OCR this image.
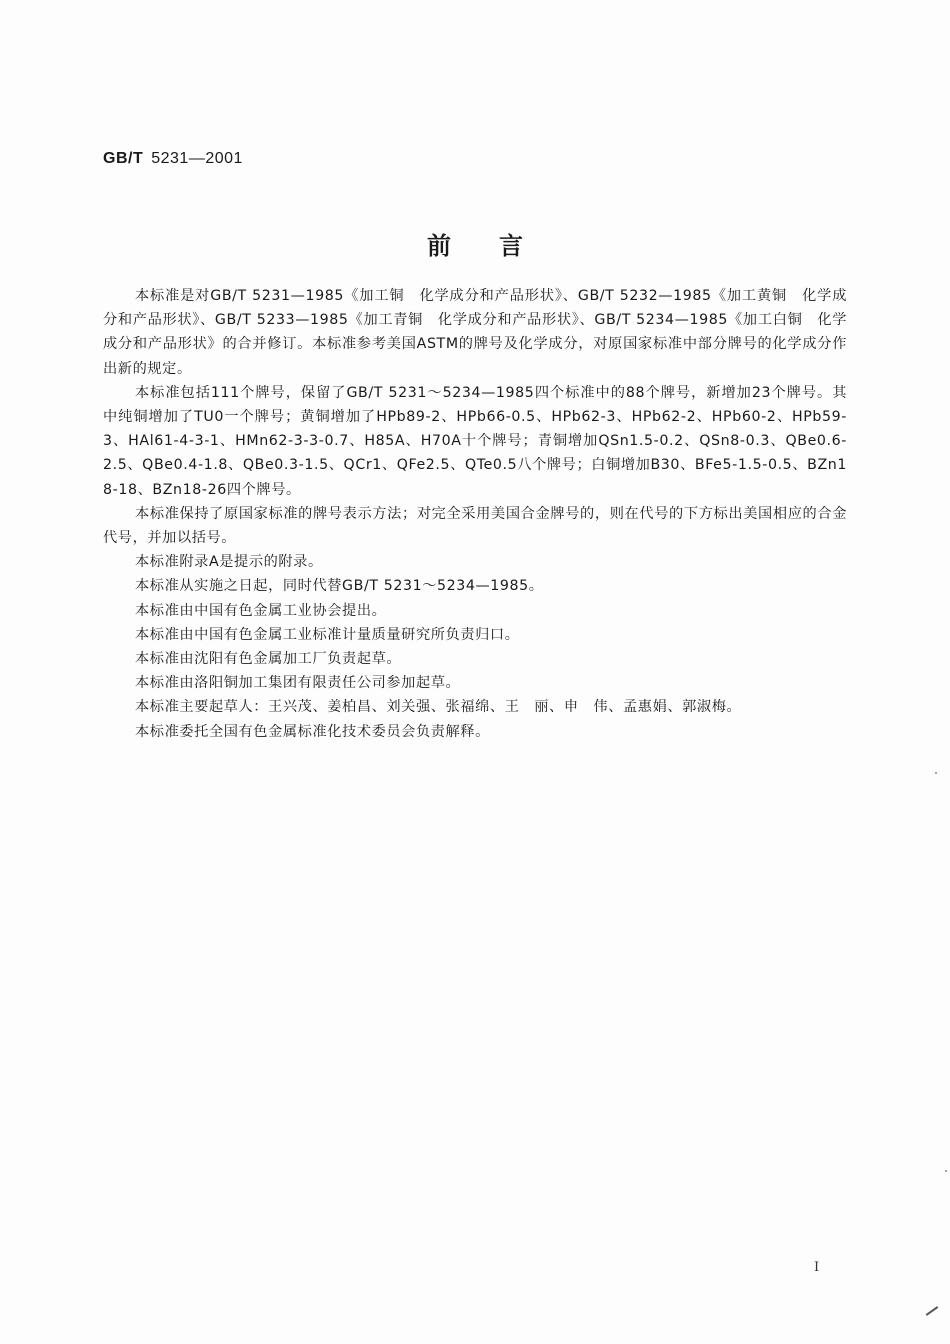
GB/T 5231—2001
前言

本标准是对GB/T 5231—1985《加工铜　化学成分和产品形状》、GB/T 5232—1985《加工黄铜　化学成分和产品形状》、GB/T 5233—1985《加工青铜　化学成分和产品形状》、GB/T 5234—1985《加工白铜　化学成分和产品形状》的合并修订。本标准参考美国ASTM的牌号及化学成分，对原国家标准中部分牌号的化学成分作出新的规定。

本标准包括111个牌号，保留了GB/T 5231～5234—1985四个标准中的88个牌号，新增加23个牌号。其中纯铜增加了TU0一个牌号；黄铜增加了HPb89-2、HPb66-0.5、HPb62-3、HPb62-2、HPb60-2、HPb59-3、HAl61-4-3-1、HMn62-3-3-0.7、H85A、H70A十个牌号；青铜增加QSn1.5-0.2、QSn8-0.3、QBe0.6-2.5、QBe0.4-1.8、QBe0.3-1.5、QCr1、QFe2.5、QTe0.5八个牌号；白铜增加B30、BFe5-1.5-0.5、BZn18-18、BZn18-26四个牌号。

本标准保持了原国家标准的牌号表示方法；对完全采用美国合金牌号的，则在代号的下方标出美国相应的合金代号，并加以括号。

本标准附录A是提示的附录。

本标准从实施之日起，同时代替GB/T 5231～5234—1985。

本标准由中国有色金属工业协会提出。

本标准由中国有色金属工业标准计量质量研究所负责归口。

本标准由沈阳有色金属加工厂负责起草。

本标准由洛阳铜加工集团有限责任公司参加起草。

本标准主要起草人：王兴茂、姜柏昌、刘关强、张福绵、王　丽、申　伟、孟惠娟、郭淑梅。

本标准委托全国有色金属标准化技术委员会负责解释。

I
